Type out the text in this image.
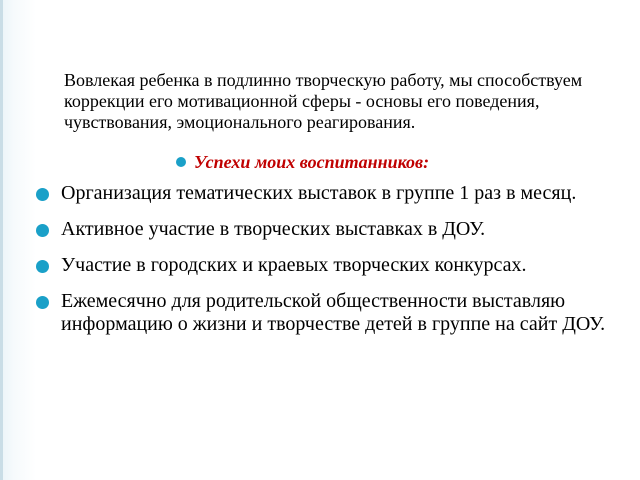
Вовлекая ребенка в подлинно творческую работу, мы способствуем коррекции его мотивационной сферы - основы его поведения, чувствования, эмоционального реагирования.

Успехи моих воспитанников:
Организация тематических выставок в группе 1 раз в месяц.
Активное участие в творческих выставках в ДОУ.
Участие в городских и краевых творческих конкурсах.
Ежемесячно для родительской общественности выставляю информацию о жизни и творчестве детей в группе на сайт ДОУ.
